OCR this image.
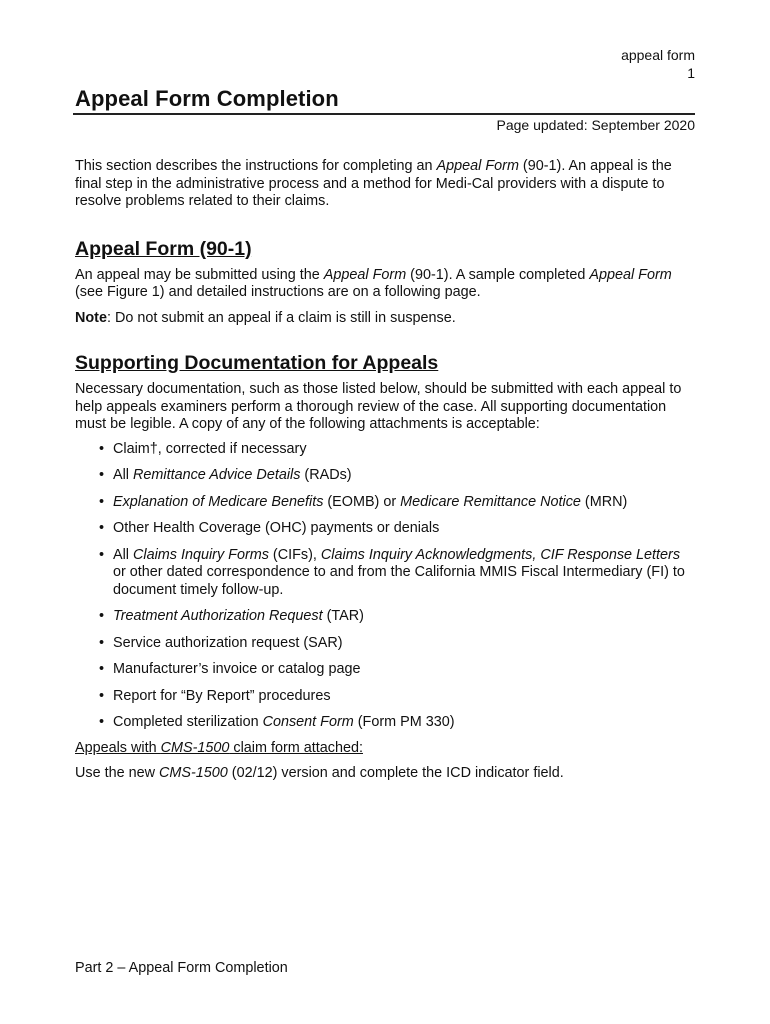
appeal form
1
Appeal Form Completion
Page updated: September 2020

This section describes the instructions for completing an Appeal Form (90-1). An appeal is the final step in the administrative process and a method for Medi-Cal providers with a dispute to resolve problems related to their claims.

Appeal Form (90-1)

An appeal may be submitted using the Appeal Form (90-1). A sample completed Appeal Form (see Figure 1) and detailed instructions are on a following page.

Note: Do not submit an appeal if a claim is still in suspense.

Supporting Documentation for Appeals

Necessary documentation, such as those listed below, should be submitted with each appeal to help appeals examiners perform a thorough review of the case. All supporting documentation must be legible. A copy of any of the following attachments is acceptable:

• Claim†, corrected if necessary
• All Remittance Advice Details (RADs)
• Explanation of Medicare Benefits (EOMB) or Medicare Remittance Notice (MRN)
• Other Health Coverage (OHC) payments or denials
• All Claims Inquiry Forms (CIFs), Claims Inquiry Acknowledgments, CIF Response Letters or other dated correspondence to and from the California MMIS Fiscal Intermediary (FI) to document timely follow-up.
• Treatment Authorization Request (TAR)
• Service authorization request (SAR)
• Manufacturer’s invoice or catalog page
• Report for “By Report” procedures
• Completed sterilization Consent Form (Form PM 330)

Appeals with CMS-1500 claim form attached:

Use the new CMS-1500 (02/12) version and complete the ICD indicator field.

Part 2 – Appeal Form Completion
